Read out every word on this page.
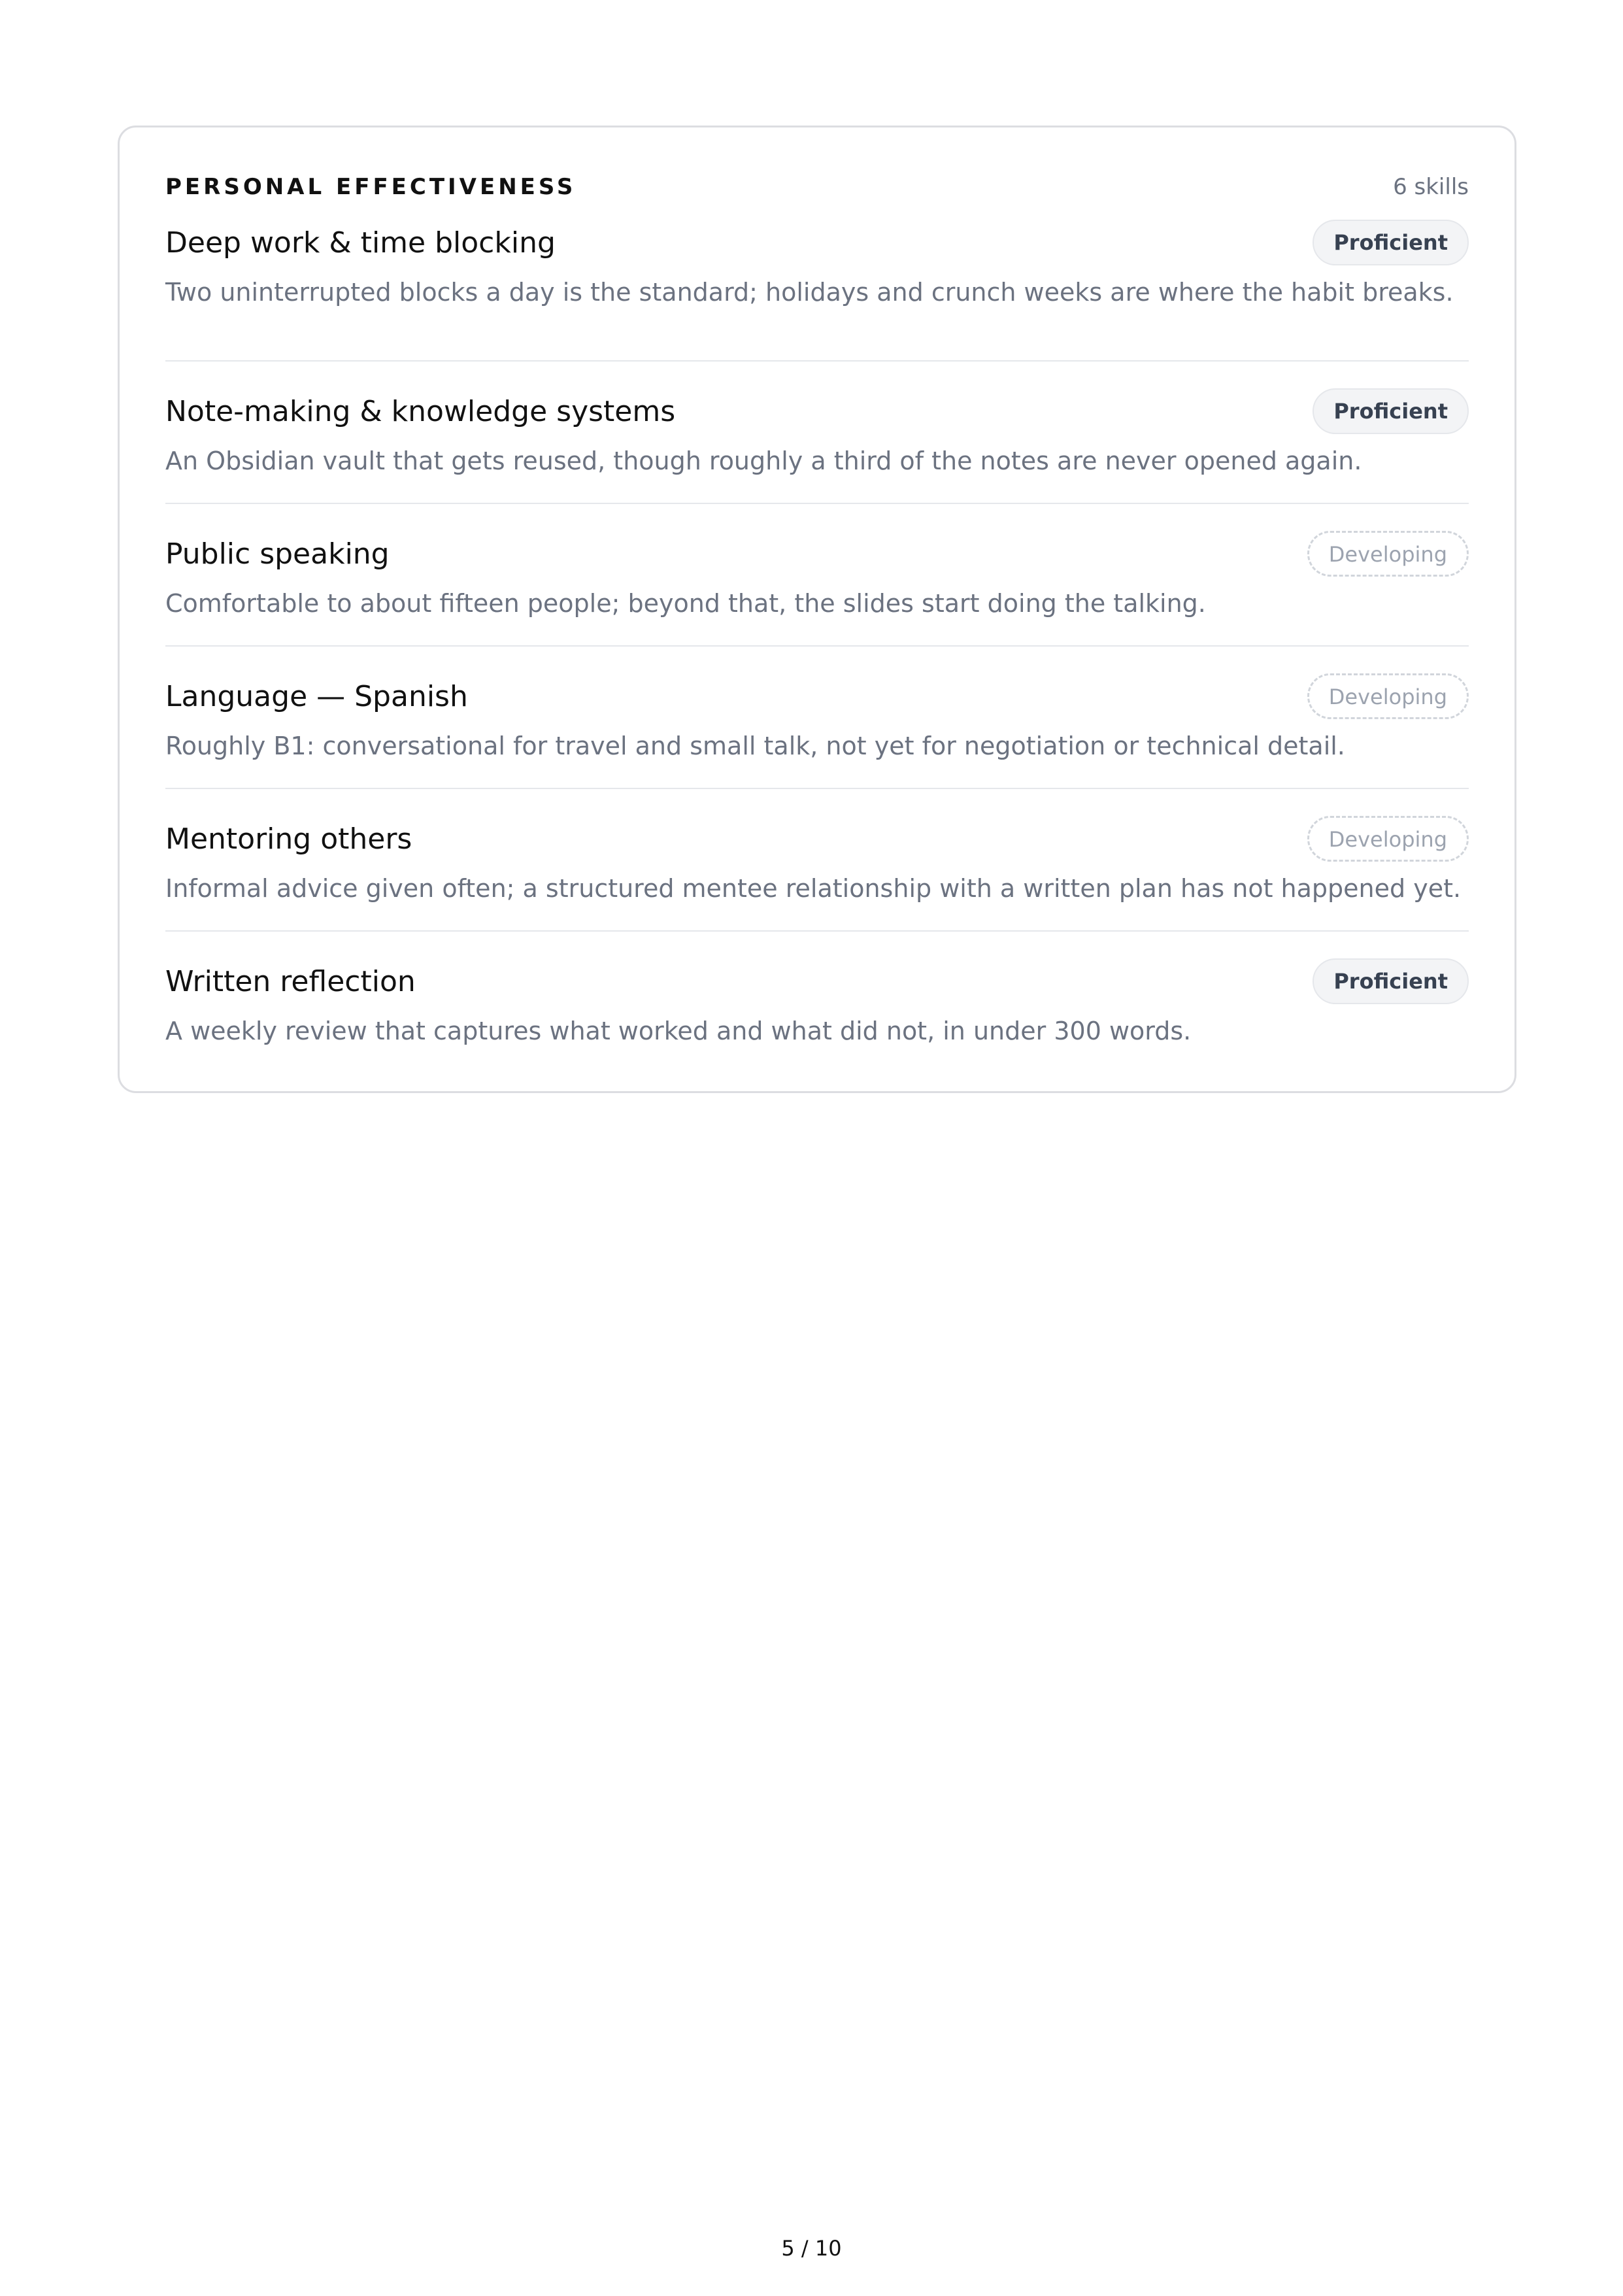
PERSONAL EFFECTIVENESS	6 skills
Deep work & time blocking	Proficient
Two uninterrupted blocks a day is the standard; holidays and crunch weeks are where the habit breaks.
Note-making & knowledge systems	Proficient
An Obsidian vault that gets reused, though roughly a third of the notes are never opened again.
Public speaking	Developing
Comfortable to about fifteen people; beyond that, the slides start doing the talking.
Language — Spanish	Developing
Roughly B1: conversational for travel and small talk, not yet for negotiation or technical detail.
Mentoring others	Developing
Informal advice given often; a structured mentee relationship with a written plan has not happened yet.
Written reflection	Proficient
A weekly review that captures what worked and what did not, in under 300 words.
5 / 10
